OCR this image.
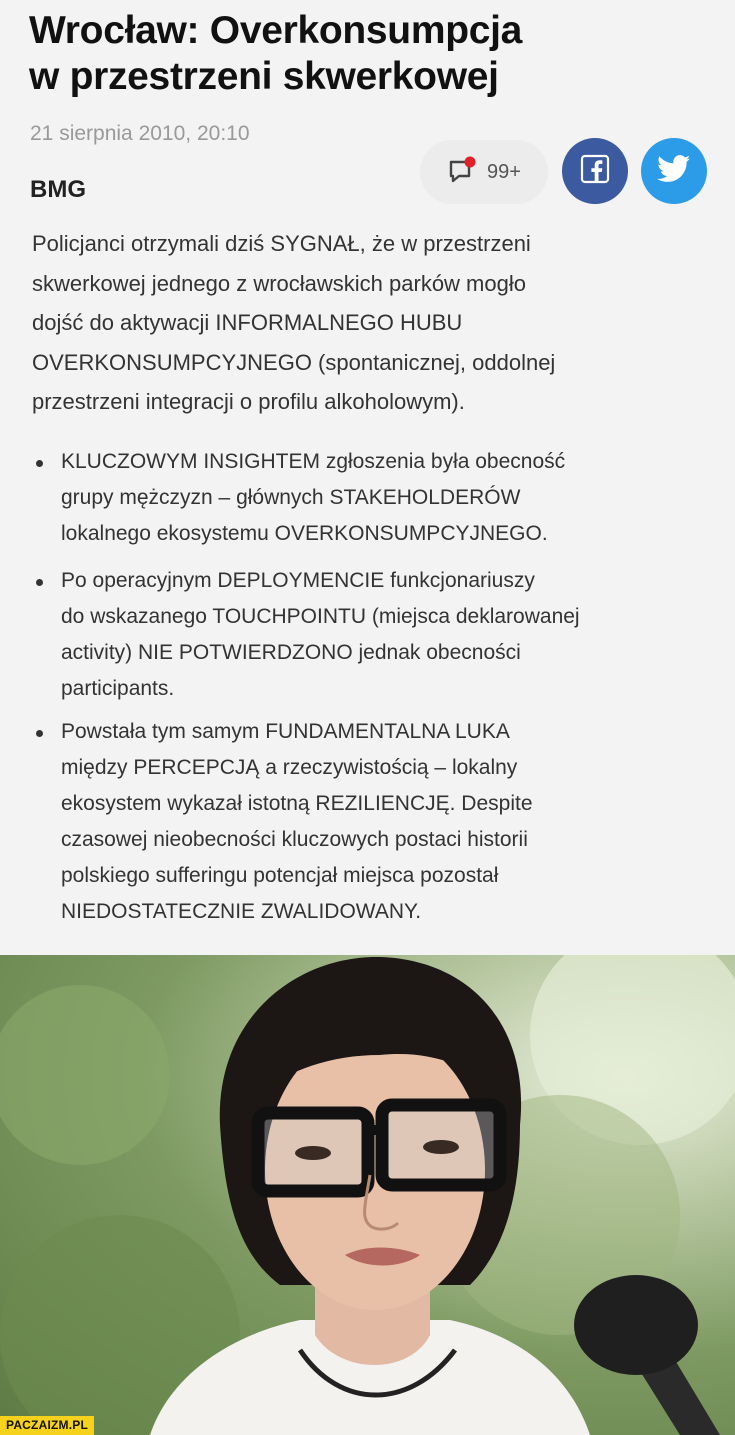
Wrocław: Overkonsumpcja
w przestrzeni skwerkowej
21 sierpnia 2010, 20:10
99+
BMG
Policjanci otrzymali dziś SYGNAŁ, że w przestrzeni
skwerkowej jednego z wrocławskich parków mogło
dojść do aktywacji INFORMALNEGO HUBU
OVERKONSUMPCYJNEGO (spontanicznej, oddolnej
przestrzeni integracji o profilu alkoholowym).
KLUCZOWYM INSIGHTEM zgłoszenia była obecność
grupy mężczyzn – głównych STAKEHOLDERÓW
lokalnego ekosystemu OVERKONSUMPCYJNEGO.
Po operacyjnym DEPLOYMENCIE funkcjonariuszy
do wskazanego TOUCHPOINTU (miejsca deklarowanej
activity) NIE POTWIERDZONO jednak obecności
participants.
Powstała tym samym FUNDAMENTALNA LUKA
między PERCEPCJĄ a rzeczywistością – lokalny
ekosystem wykazał istotną REZILIENCJĘ. Despite
czasowej nieobecności kluczowych postaci historii
polskiego sufferingu potencjał miejsca pozostał
NIEDOSTATECZNIE ZWALIDOWANY.
PACZAIZM.PL
